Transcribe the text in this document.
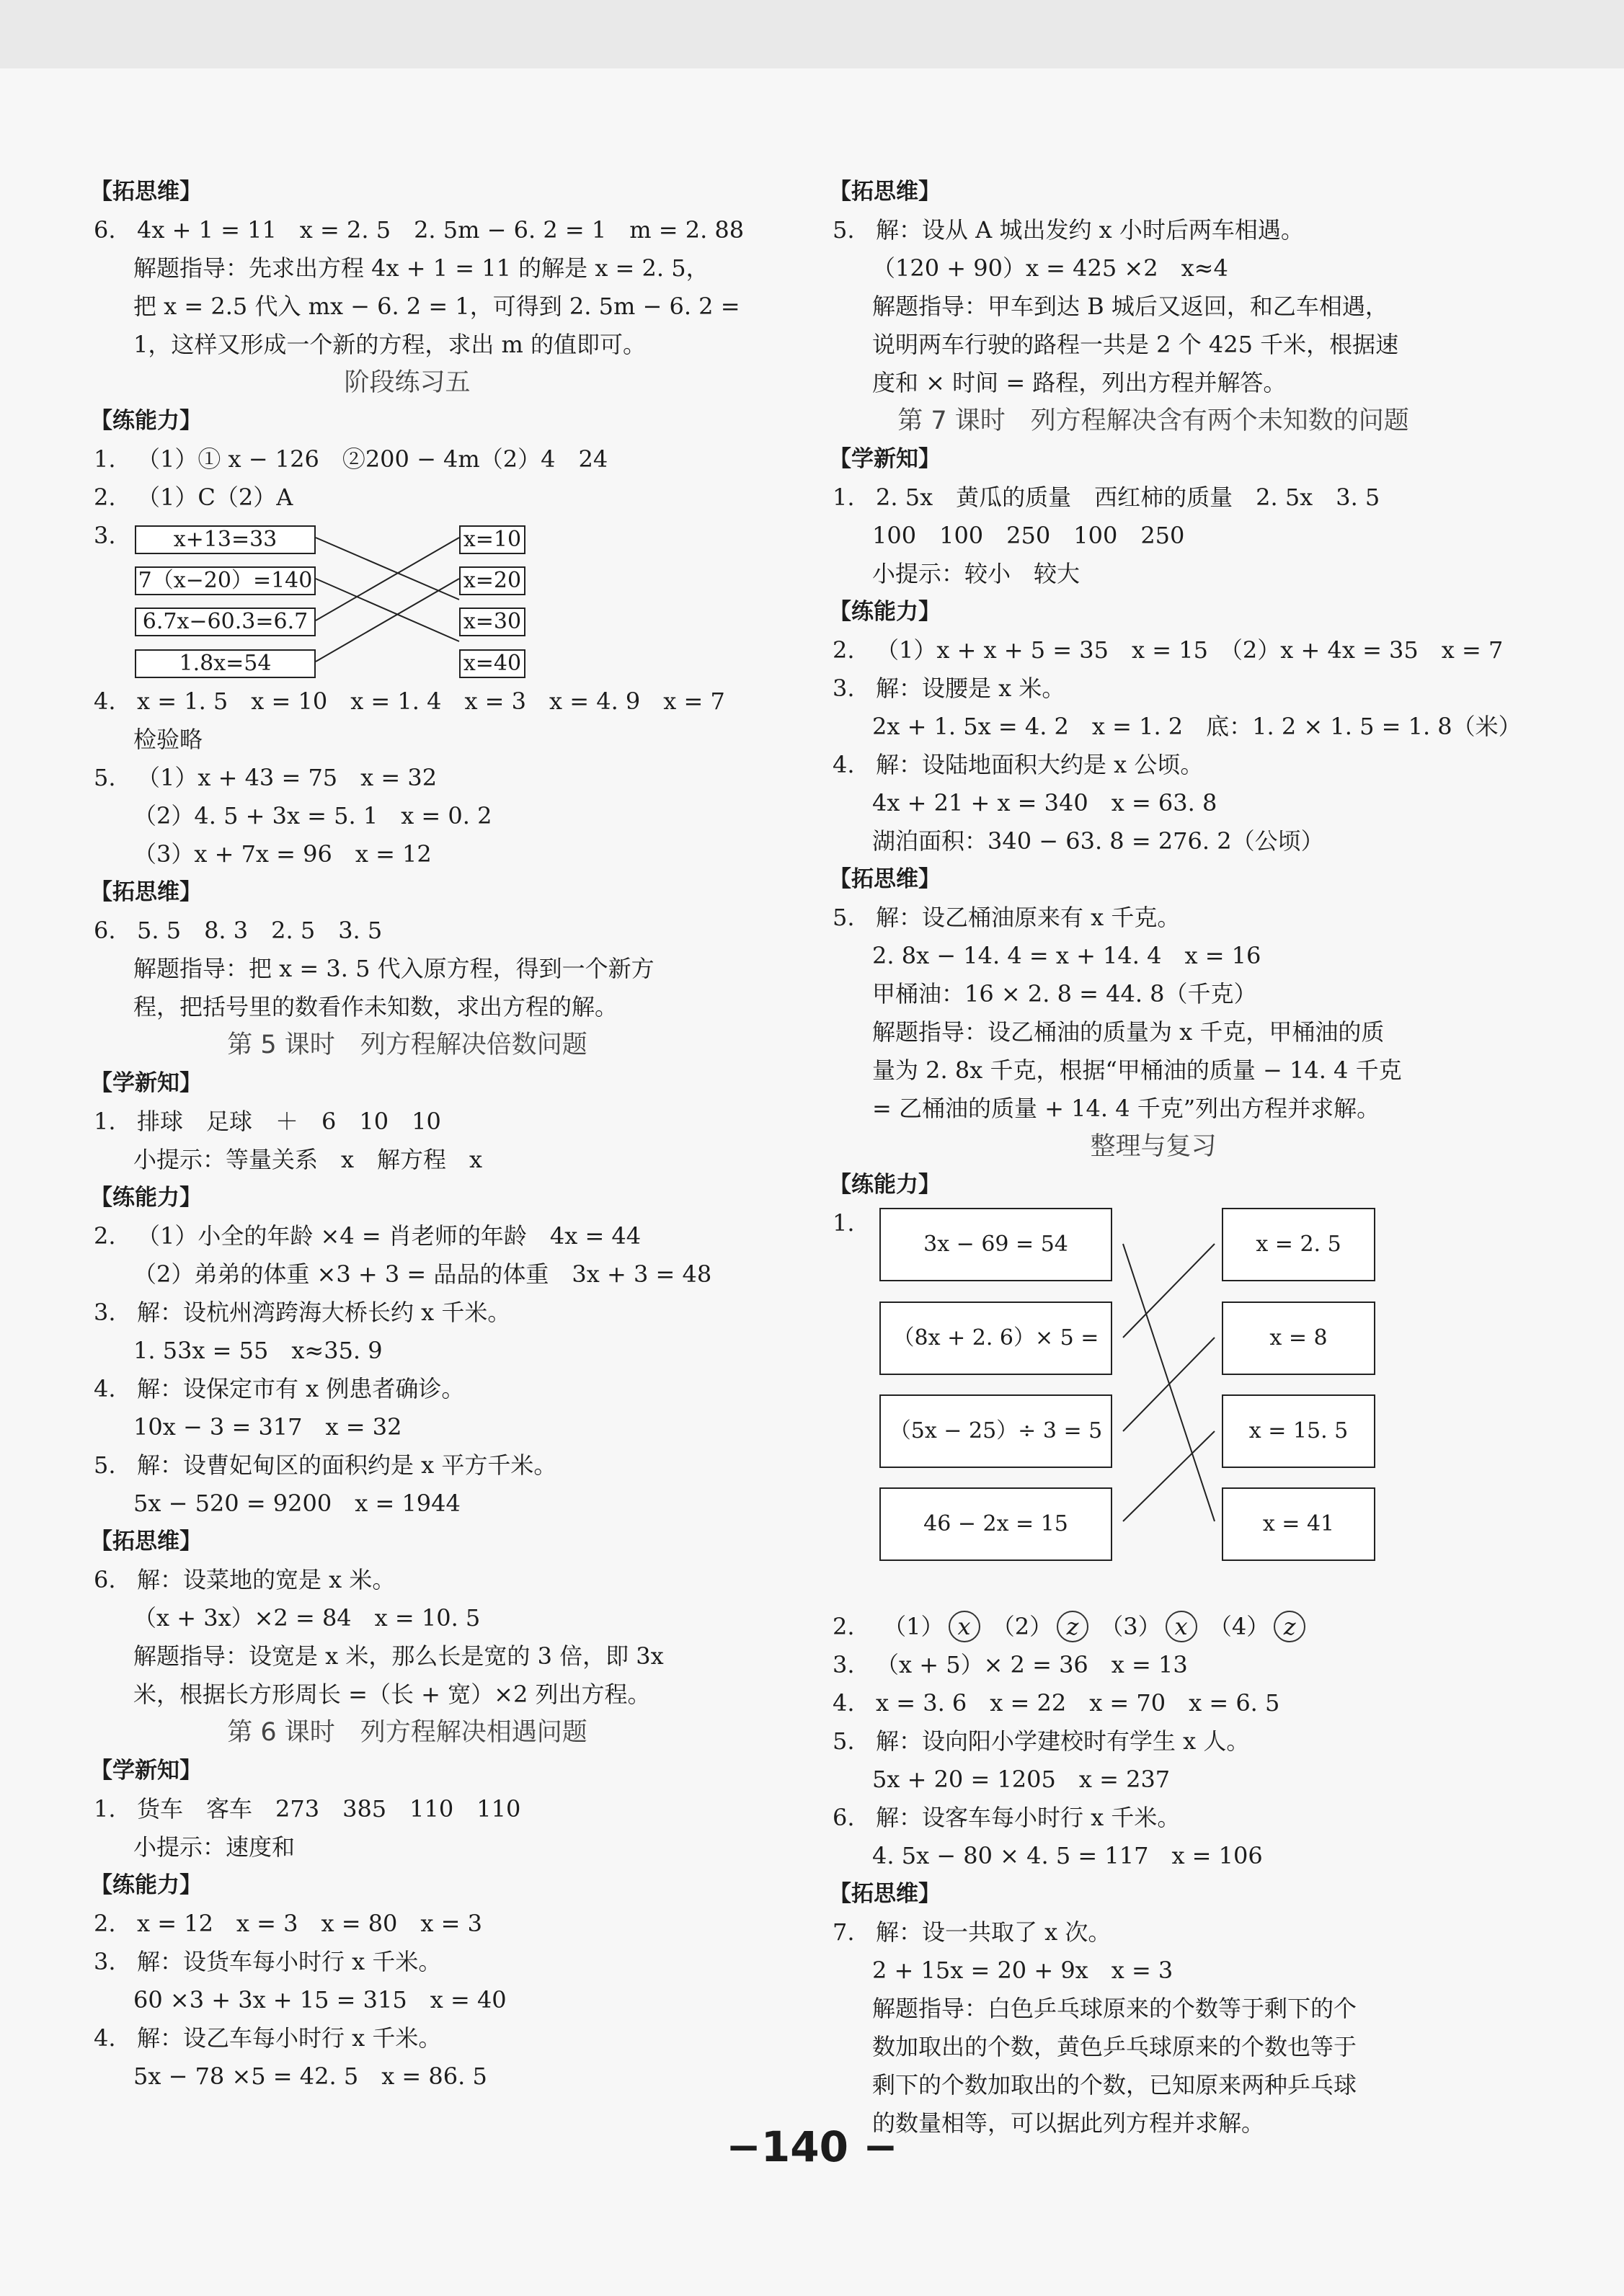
【拓思维】
6. 4x + 1 = 11　x = 2. 5　2. 5m − 6. 2 = 1　m = 2. 88
解题指导：先求出方程 4x + 1 = 11 的解是 x = 2. 5，
把 x = 2.5 代入 mx − 6. 2 = 1，可得到 2. 5m − 6. 2 =
1，这样又形成一个新的方程，求出 m 的值即可。
阶段练习五
【练能力】
1. （1）① x − 126　②200 − 4m（2）4　24
2. （1）C（2）A
3.	x+13=33
7（x−20）=140
6.7x−60.3=6.7
1.8x=54
x=10
x=20
x=30
x=40
4. x = 1. 5　x = 10　x = 1. 4　x = 3　x = 4. 9　x = 7
检验略
5. （1）x + 43 = 75　x = 32
（2）4. 5 + 3x = 5. 1　x = 0. 2
（3）x + 7x = 96　x = 12
【拓思维】
6. 5. 5　8. 3　2. 5　3. 5
解题指导：把 x = 3. 5 代入原方程，得到一个新方
程，把括号里的数看作未知数，求出方程的解。
第 5 课时　列方程解决倍数问题
【学新知】
1. 排球　足球　＋　6　10　10
小提示：等量关系　x　解方程　x
【练能力】
2. （1）小全的年龄 ×4 = 肖老师的年龄　4x = 44
（2）弟弟的体重 ×3 + 3 = 品品的体重　3x + 3 = 48
3. 解：设杭州湾跨海大桥长约 x 千米。
1. 53x = 55　x≈35. 9
4. 解：设保定市有 x 例患者确诊。
10x − 3 = 317　x = 32
5. 解：设曹妃甸区的面积约是 x 平方千米。
5x − 520 = 9200　x = 1944
【拓思维】
6. 解：设菜地的宽是 x 米。
（x + 3x）×2 = 84　x = 10. 5
解题指导：设宽是 x 米，那么长是宽的 3 倍，即 3x
米，根据长方形周长 =（长 + 宽）×2 列出方程。
第 6 课时　列方程解决相遇问题
【学新知】
1. 货车　客车　273　385　110　110
小提示：速度和
【练能力】
2. x = 12　x = 3　x = 80　x = 3
3. 解：设货车每小时行 x 千米。
60 ×3 + 3x + 15 = 315　x = 40
4. 解：设乙车每小时行 x 千米。
5x − 78 ×5 = 42. 5　x = 86. 5
【拓思维】
5. 解：设从 A 城出发约 x 小时后两车相遇。
（120 + 90）x = 425 ×2　x≈4
解题指导：甲车到达 B 城后又返回，和乙车相遇，
说明两车行驶的路程一共是 2 个 425 千米，根据速
度和 × 时间 = 路程，列出方程并解答。
第 7 课时　列方程解决含有两个未知数的问题
【学新知】
1. 2. 5x　黄瓜的质量　西红柿的质量　2. 5x　3. 5
100　100　250　100　250
小提示：较小　较大
【练能力】
2. （1）x + x + 5 = 35　x = 15　（2）x + 4x = 35　x = 7
3. 解：设腰是 x 米。
2x + 1. 5x = 4. 2　x = 1. 2　底：1. 2 × 1. 5 = 1. 8（米）
4. 解：设陆地面积大约是 x 公顷。
4x + 21 + x = 340　x = 63. 8
湖泊面积：340 − 63. 8 = 276. 2（公顷）
【拓思维】
5. 解：设乙桶油原来有 x 千克。
2. 8x − 14. 4 = x + 14. 4　x = 16
甲桶油：16 × 2. 8 = 44. 8（千克）
解题指导：设乙桶油的质量为 x 千克，甲桶油的质
量为 2. 8x 千克，根据“甲桶油的质量 − 14. 4 千克
= 乙桶油的质量 + 14. 4 千克”列出方程并求解。
整理与复习
【练能力】
1.
3x − 69 = 54
（8x + 2. 6）× 5 =
（5x − 25）÷ 3 = 5
46 − 2x = 15
x = 2. 5
x = 8
x = 15. 5
x = 41
2. （1） x （2） z （3） x （4） z
3. （x + 5）× 2 = 36　x = 13
4. x = 3. 6　x = 22　x = 70　x = 6. 5
5. 解：设向阳小学建校时有学生 x 人。
5x + 20 = 1205　x = 237
6. 解：设客车每小时行 x 千米。
4. 5x − 80 × 4. 5 = 117　x = 106
【拓思维】
7. 解：设一共取了 x 次。
2 + 15x = 20 + 9x　x = 3
解题指导：白色乒乓球原来的个数等于剩下的个
数加取出的个数，黄色乒乓球原来的个数也等于
剩下的个数加取出的个数，已知原来两种乒乓球
的数量相等，可以据此列方程并求解。
−140 −
